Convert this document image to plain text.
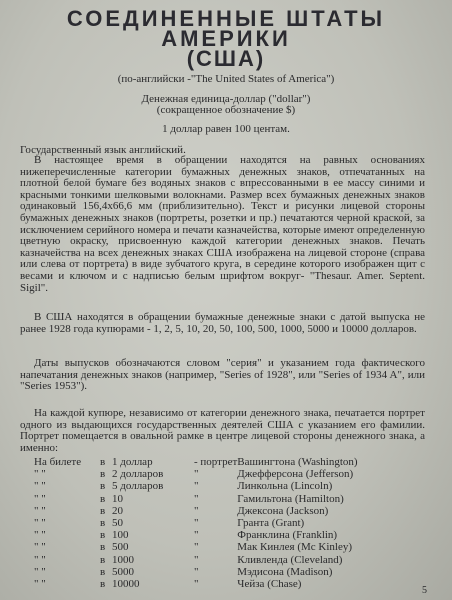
СОЕДИНЕННЫЕ ШТАТЫ
АМЕРИКИ
(США)
(по-английски -"The United States of America")
Денежная единица-доллар ("dollar")
(сокращенное обозначение $)
1 доллар равен 100 центам.
Государственный язык английский.
В настоящее время в обращении находятся на равных основаниях нижеперечисленные категории бумажных денежных знаков, отпечатанных на плотной белой бумаге без водяных знаков с впрессованными в ее массу синими и красными тонкими шелковыми волокнами. Размер всех бумажных денежных знаков одинаковый 156,4х66,6 мм (приблизительно). Текст и рисунки лицевой стороны бумажных денежных знаков (портреты, розетки и пр.) печатаются черной краской, за исключением серийного номера и печати казначейства, которые имеют определенную цветную окраску, присвоенную каждой категории денежных знаков. Печать казначейства на всех денежных знаках США изображена на лицевой стороне (справа или слева от портрета) в виде зубчатого круга, в середине которого изображен щит с весами и ключом и с надписью белым шрифтом вокруг- "Thesaur. Amer. Septent. Sigil".
В США находятся в обращении бумажные денежные знаки с датой выпуска не ранее 1928 года купюрами - 1, 2, 5, 10, 20, 50, 100, 500, 1000, 5000 и 10000 долларов.
Даты выпусков обозначаются словом "серия" и указанием года фактического напечатания денежных знаков (например, "Series of 1928", или "Series of 1934 A", или "Series 1953").
На каждой купюре, независимо от категории денежного знака, печатается портрет одного из выдающихся государственных деятелей США с указанием его фамилии. Портрет помещается в овальной рамке в центре лицевой стороны денежного знака, а именно:
На билете	в	1 доллар	- портрет	Вашингтона (Washington)
" "	в	2 долларов	"	Джефферсона (Jefferson)
" "	в	5 долларов	"	Линкольна (Lincoln)
" "	в	10	"	Гамильтона (Hamilton)
" "	в	20	"	Джексона (Jackson)
" "	в	50	"	Гранта (Grant)
" "	в	100	"	Франклина (Franklin)
" "	в	500	"	Мак Кинлея (Mc Kinley)
" "	в	1000	"	Кливленда (Cleveland)
" "	в	5000	"	Мэдисона (Madison)
" "	в	10000	"	Чейза (Chase)
5
